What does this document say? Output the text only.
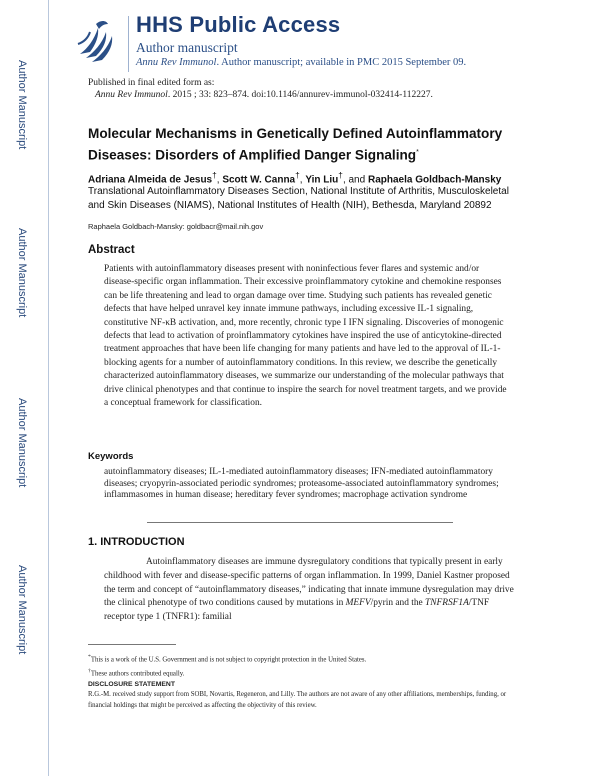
Author Manuscript
Author Manuscript
Author Manuscript
Author Manuscript
HHS Public Access
Author manuscript
Annu Rev Immunol. Author manuscript; available in PMC 2015 September 09.
Published in final edited form as:
Annu Rev Immunol. 2015 ; 33: 823–874. doi:10.1146/annurev-immunol-032414-112227.
Molecular Mechanisms in Genetically Defined Autoinflammatory Diseases: Disorders of Amplified Danger Signaling*
Adriana Almeida de Jesus†, Scott W. Canna†, Yin Liu†, and Raphaela Goldbach-Mansky
Translational Autoinflammatory Diseases Section, National Institute of Arthritis, Musculoskeletal and Skin Diseases (NIAMS), National Institutes of Health (NIH), Bethesda, Maryland 20892
Raphaela Goldbach-Mansky: goldbacr@mail.nih.gov
Abstract
Patients with autoinflammatory diseases present with noninfectious fever flares and systemic and/or disease-specific organ inflammation. Their excessive proinflammatory cytokine and chemokine responses can be life threatening and lead to organ damage over time. Studying such patients has revealed genetic defects that have helped unravel key innate immune pathways, including excessive IL-1 signaling, constitutive NF-κB activation, and, more recently, chronic type I IFN signaling. Discoveries of monogenic defects that lead to activation of proinflammatory cytokines have inspired the use of anticytokine-directed treatment approaches that have been life changing for many patients and have led to the approval of IL-1-blocking agents for a number of autoinflammatory conditions. In this review, we describe the genetically characterized autoinflammatory diseases, we summarize our understanding of the molecular pathways that drive clinical phenotypes and that continue to inspire the search for novel treatment targets, and we provide a conceptual framework for classification.
Keywords
autoinflammatory diseases; IL-1-mediated autoinflammatory diseases; IFN-mediated autoinflammatory diseases; cryopyrin-associated periodic syndromes; proteasome-associated autoinflammatory syndromes; inflammasomes in human disease; hereditary fever syndromes; macrophage activation syndrome
1. INTRODUCTION
Autoinflammatory diseases are immune dysregulatory conditions that typically present in early childhood with fever and disease-specific patterns of organ inflammation. In 1999, Daniel Kastner proposed the term and concept of “autoinflammatory diseases,” indicating that innate immune dysregulation may drive the clinical phenotype of two conditions caused by mutations in MEFV/pyrin and the TNFRSF1A/TNF receptor type 1 (TNFR1): familial
*This is a work of the U.S. Government and is not subject to copyright protection in the United States.
†These authors contributed equally.
DISCLOSURE STATEMENT
R.G.-M. received study support from SOBI, Novartis, Regeneron, and Lilly. The authors are not aware of any other affiliations, memberships, funding, or financial holdings that might be perceived as affecting the objectivity of this review.
